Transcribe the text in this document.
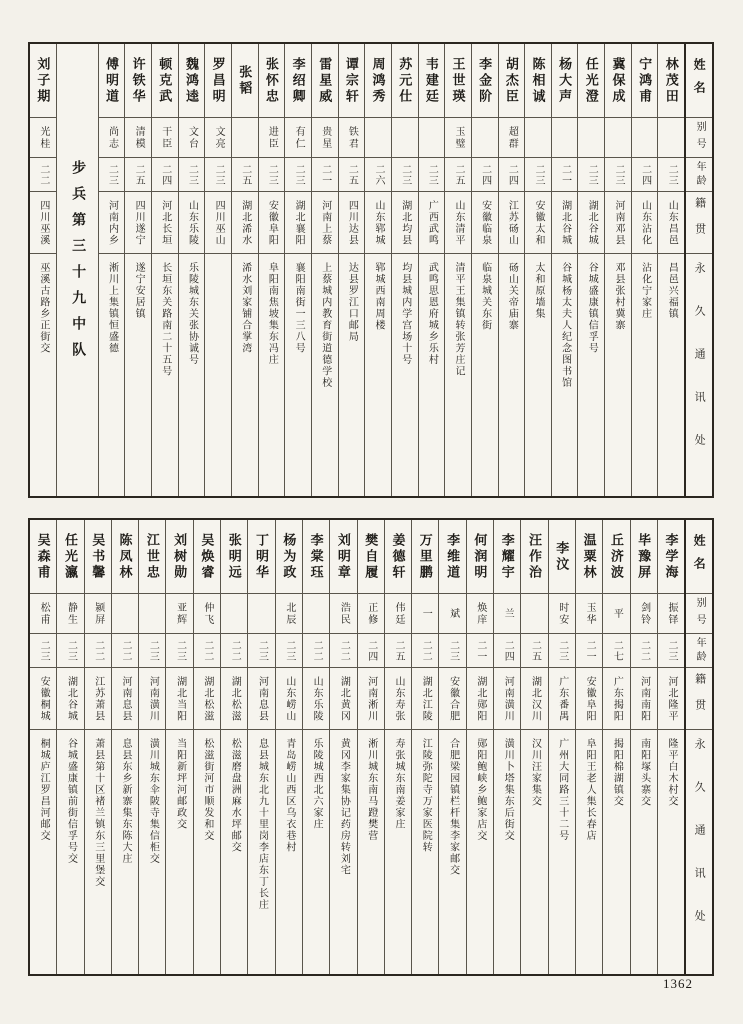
刘子期
光桂
二二
四川巫溪
巫溪古路乡正街交 步兵第三十九中队
傅明道
尚志
二三
河南内乡
淅川上集镇恒盛德
许铁华
清模
二五
四川遂宁
遂宁安居镇
顿克武
干臣
二四
河北长垣
长垣东关路南二十五号
魏鸿逵
文台
二三
山东乐陵
乐陵城东关张协诚号
罗昌明
文亮
二三
四川巫山
张韬
二五
湖北浠水
浠水刘家铺合掌湾
张怀忠
进臣
二三
安徽阜阳
阜阳南焦坡集东冯庄
李绍卿
有仁
二三
湖北襄阳
襄阳南街一三八号
雷星威
贵星
二一
河南上蔡
上蔡城内教育街道德学校
谭宗轩
铁君
二五
四川达县
达县罗江口邮局
周鸿秀
二六
山东郓城
郓城西南周楼
苏元仕
二三
湖北均县
均县城内学宫场十号
韦建廷
二三
广西武鸣
武鸣思恩府城乡乐村
王世瑛
玉璧
二五
山东清平
清平王集镇转张芳庄记
李金阶
二四
安徽临泉
临泉城关东街
胡杰臣
超群
二四
江苏砀山
砀山关帝庙寨
陈相诚
二三
安徽太和
太和原墙集
杨大声
二一
湖北谷城
谷城杨太夫人纪念图书馆
任光澄
二三
湖北谷城
谷城盛康镇信孚号
冀保成
二三
河南邓县
邓县张村冀寨
宁鸿甫
二四
山东沾化
沾化宁家庄
林茂田
二三
山东昌邑
昌邑兴福镇
姓名
别号
年龄
籍贯
永久通讯处
吴森甫
松甫
二三
安徽桐城
桐城庐江罗昌河邮交
任光瀛
静生
二三
湖北谷城
谷城盛康镇前街信孚号交
吴书馨
颍屏
二二
江苏萧县
萧县第十区褚兰镇东三里堡交
陈凤林
二二
河南息县
息县东乡新寨集东陈大庄
江世忠
二三
河南潢川
潢川城东伞陂寺集信柜交
刘树勋
亚辉
二三
湖北当阳
当阳新坪河邮政交
吴焕睿
仲飞
二二
湖北松滋
松滋街河市顺发和交
张明远
二二
湖北松滋
松滋磨盘洲麻水坪邮交
丁明华
二三
河南息县
息县城东北九十里岗李店东丁长庄
杨为政
北辰
二三
山东崂山
青岛崂山西区乌衣巷村
李棠珏
二二
山东乐陵
乐陵城西北六家庄
刘明章
浩民
二二
湖北黄冈
黄冈李家集协记药房转刘宅
樊自履
正修
二四
河南淅川
淅川城东南马蹬樊营
姜德轩
伟廷
二五
山东寿张
寿张城东南姜家庄
万里鹏
一
二二
湖北江陵
江陵弥陀寺万家医院转
李维道
斌
二三
安徽合肥
合肥梁园镇栏杆集李家邮交
何润明
焕庠
二一
湖北郧阳
郧阳鲍峡乡鲍家店交
李耀宇
兰
二四
河南潢川
潢川卜塔集东后街交
汪作治
二五
湖北汉川
汉川汪家集交
李汶
时安
二三
广东番禺
广州大同路三十二号
温粟林
玉华
二一
安徽阜阳
阜阳王老人集长春店
丘济波
平
二七
广东揭阳
揭阳棉湖镇交
毕豫屏
剑铃
二二
河南南阳
南阳塚头寨交
李学海
振铎
二三
河北隆平
隆平白木村交
姓名
别号
年龄
籍贯
永久通讯处
1362
